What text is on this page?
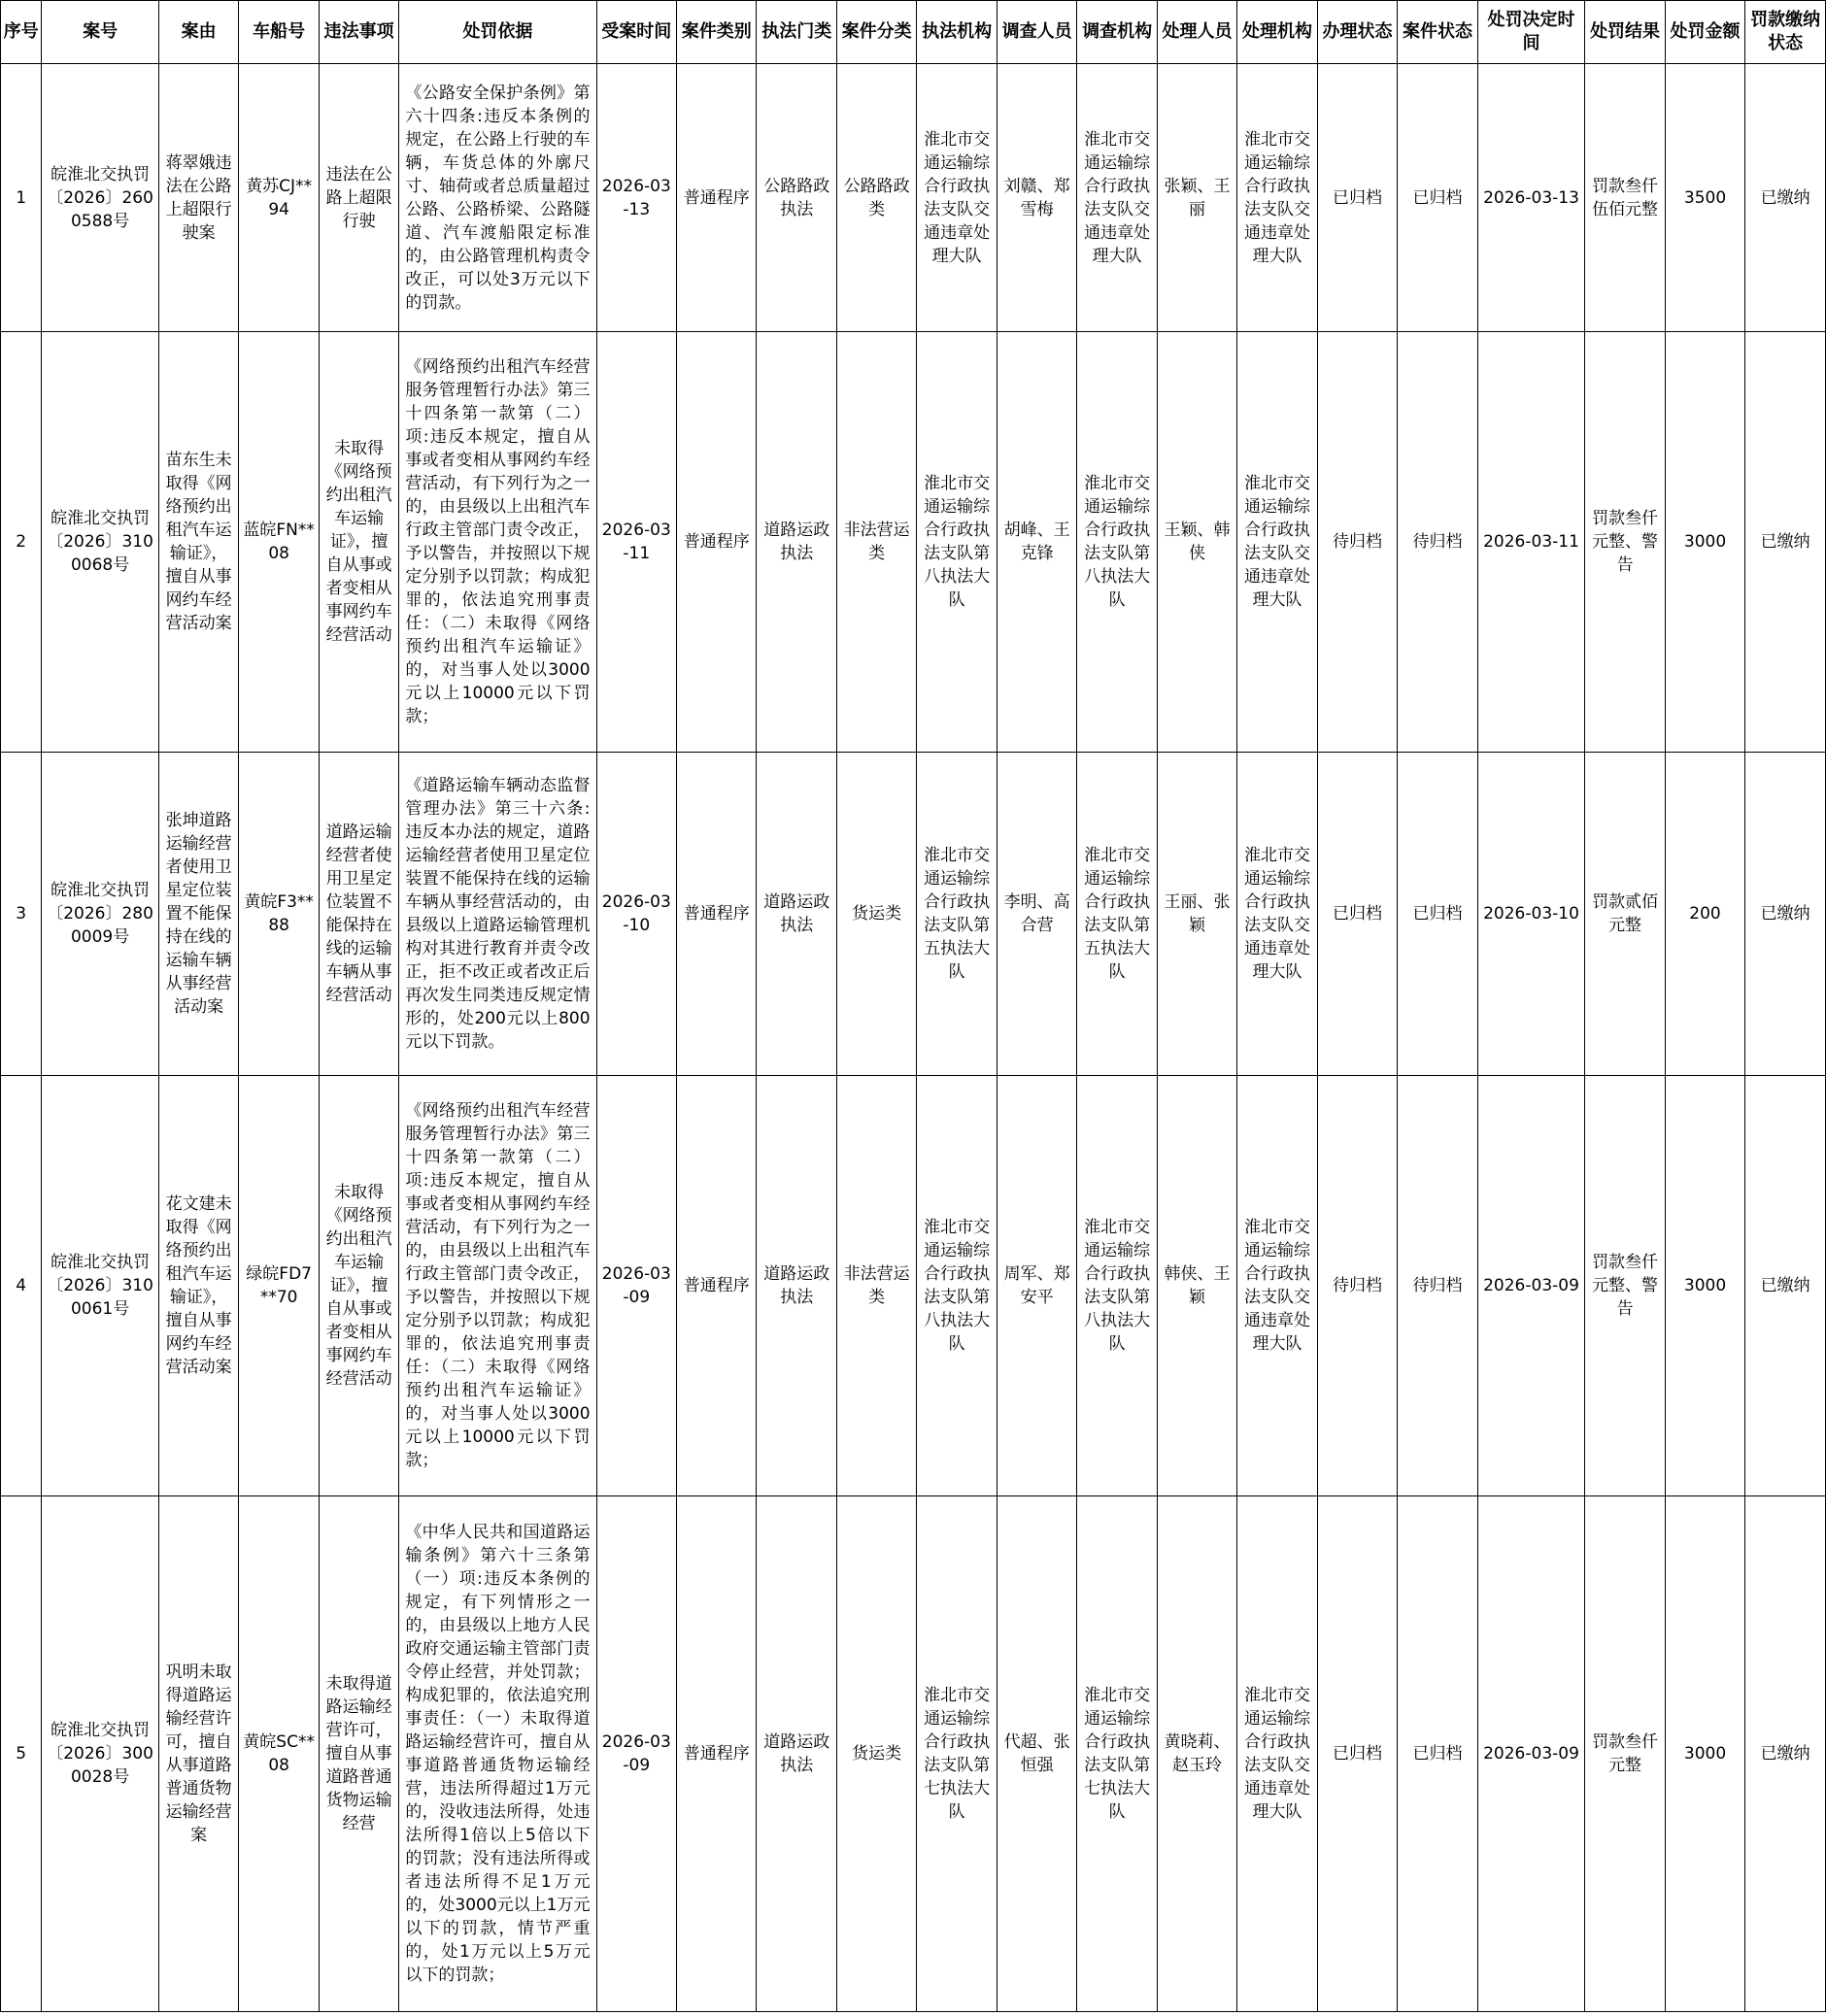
序号	案号	案由	车船号	违法事项	处罚依据	受案时间	案件类别	执法门类	案件分类	执法机构	调查人员	调查机构	处理人员	处理机构	办理状态	案件状态	处罚决定时间	处罚结果	处罚金额	罚款缴纳状态
1	皖淮北交执罚〔2026〕2600588号	蒋翠娥违法在公路上超限行驶案	黄苏CJ**94	违法在公路上超限行驶	《公路安全保护条例》第六十四条:违反本条例的规定，在公路上行驶的车辆，车货总体的外廓尺寸、轴荷或者总质量超过公路、公路桥梁、公路隧道、汽车渡船限定标准的，由公路管理机构责令改正，可以处3万元以下的罚款。	2026-03-13	普通程序	公路路政执法	公路路政类	淮北市交通运输综合行政执法支队交通违章处理大队	刘赣、郑雪梅	淮北市交通运输综合行政执法支队交通违章处理大队	张颖、王丽	淮北市交通运输综合行政执法支队交通违章处理大队	已归档	已归档	2026-03-13	罚款叁仟伍佰元整	3500	已缴纳
2	皖淮北交执罚〔2026〕3100068号	苗东生未取得《网络预约出租汽车运输证》，擅自从事网约车经营活动案	蓝皖FN**08	未取得《网络预约出租汽车运输证》，擅自从事或者变相从事网约车经营活动	《网络预约出租汽车经营服务管理暂行办法》第三十四条第一款第（二）项:违反本规定，擅自从事或者变相从事网约车经营活动，有下列行为之一的，由县级以上出租汽车行政主管部门责令改正，予以警告，并按照以下规定分别予以罚款；构成犯罪的，依法追究刑事责任：（二）未取得《网络预约出租汽车运输证》的，对当事人处以3000元以上10000元以下罚款；	2026-03-11	普通程序	道路运政执法	非法营运类	淮北市交通运输综合行政执法支队第八执法大队	胡峰、王克锋	淮北市交通运输综合行政执法支队第八执法大队	王颖、韩侠	淮北市交通运输综合行政执法支队交通违章处理大队	待归档	待归档	2026-03-11	罚款叁仟元整、警告	3000	已缴纳
3	皖淮北交执罚〔2026〕2800009号	张坤道路运输经营者使用卫星定位装置不能保持在线的运输车辆从事经营活动案	黄皖F3**88	道路运输经营者使用卫星定位装置不能保持在线的运输车辆从事经营活动	《道路运输车辆动态监督管理办法》第三十六条:违反本办法的规定，道路运输经营者使用卫星定位装置不能保持在线的运输车辆从事经营活动的，由县级以上道路运输管理机构对其进行教育并责令改正，拒不改正或者改正后再次发生同类违反规定情形的，处200元以上800元以下罚款。	2026-03-10	普通程序	道路运政执法	货运类	淮北市交通运输综合行政执法支队第五执法大队	李明、高合营	淮北市交通运输综合行政执法支队第五执法大队	王丽、张颖	淮北市交通运输综合行政执法支队交通违章处理大队	已归档	已归档	2026-03-10	罚款贰佰元整	200	已缴纳
4	皖淮北交执罚〔2026〕3100061号	花文建未取得《网络预约出租汽车运输证》，擅自从事网约车经营活动案	绿皖FD7**70	未取得《网络预约出租汽车运输证》，擅自从事或者变相从事网约车经营活动	《网络预约出租汽车经营服务管理暂行办法》第三十四条第一款第（二）项:违反本规定，擅自从事或者变相从事网约车经营活动，有下列行为之一的，由县级以上出租汽车行政主管部门责令改正，予以警告，并按照以下规定分别予以罚款；构成犯罪的，依法追究刑事责任：（二）未取得《网络预约出租汽车运输证》的，对当事人处以3000元以上10000元以下罚款；	2026-03-09	普通程序	道路运政执法	非法营运类	淮北市交通运输综合行政执法支队第八执法大队	周军、郑安平	淮北市交通运输综合行政执法支队第八执法大队	韩侠、王颖	淮北市交通运输综合行政执法支队交通违章处理大队	待归档	待归档	2026-03-09	罚款叁仟元整、警告	3000	已缴纳
5	皖淮北交执罚〔2026〕3000028号	巩明未取得道路运输经营许可，擅自从事道路普通货物运输经营案	黄皖SC**08	未取得道路运输经营许可，擅自从事道路普通货物运输经营	《中华人民共和国道路运输条例》第六十三条第（一）项:违反本条例的规定，有下列情形之一的，由县级以上地方人民政府交通运输主管部门责令停止经营，并处罚款；构成犯罪的，依法追究刑事责任：（一）未取得道路运输经营许可，擅自从事道路普通货物运输经营，违法所得超过1万元的，没收违法所得，处违法所得1倍以上5倍以下的罚款；没有违法所得或者违法所得不足1万元的，处3000元以上1万元以下的罚款，情节严重的，处1万元以上5万元以下的罚款；	2026-03-09	普通程序	道路运政执法	货运类	淮北市交通运输综合行政执法支队第七执法大队	代超、张恒强	淮北市交通运输综合行政执法支队第七执法大队	黄晓莉、赵玉玲	淮北市交通运输综合行政执法支队交通违章处理大队	已归档	已归档	2026-03-09	罚款叁仟元整	3000	已缴纳
